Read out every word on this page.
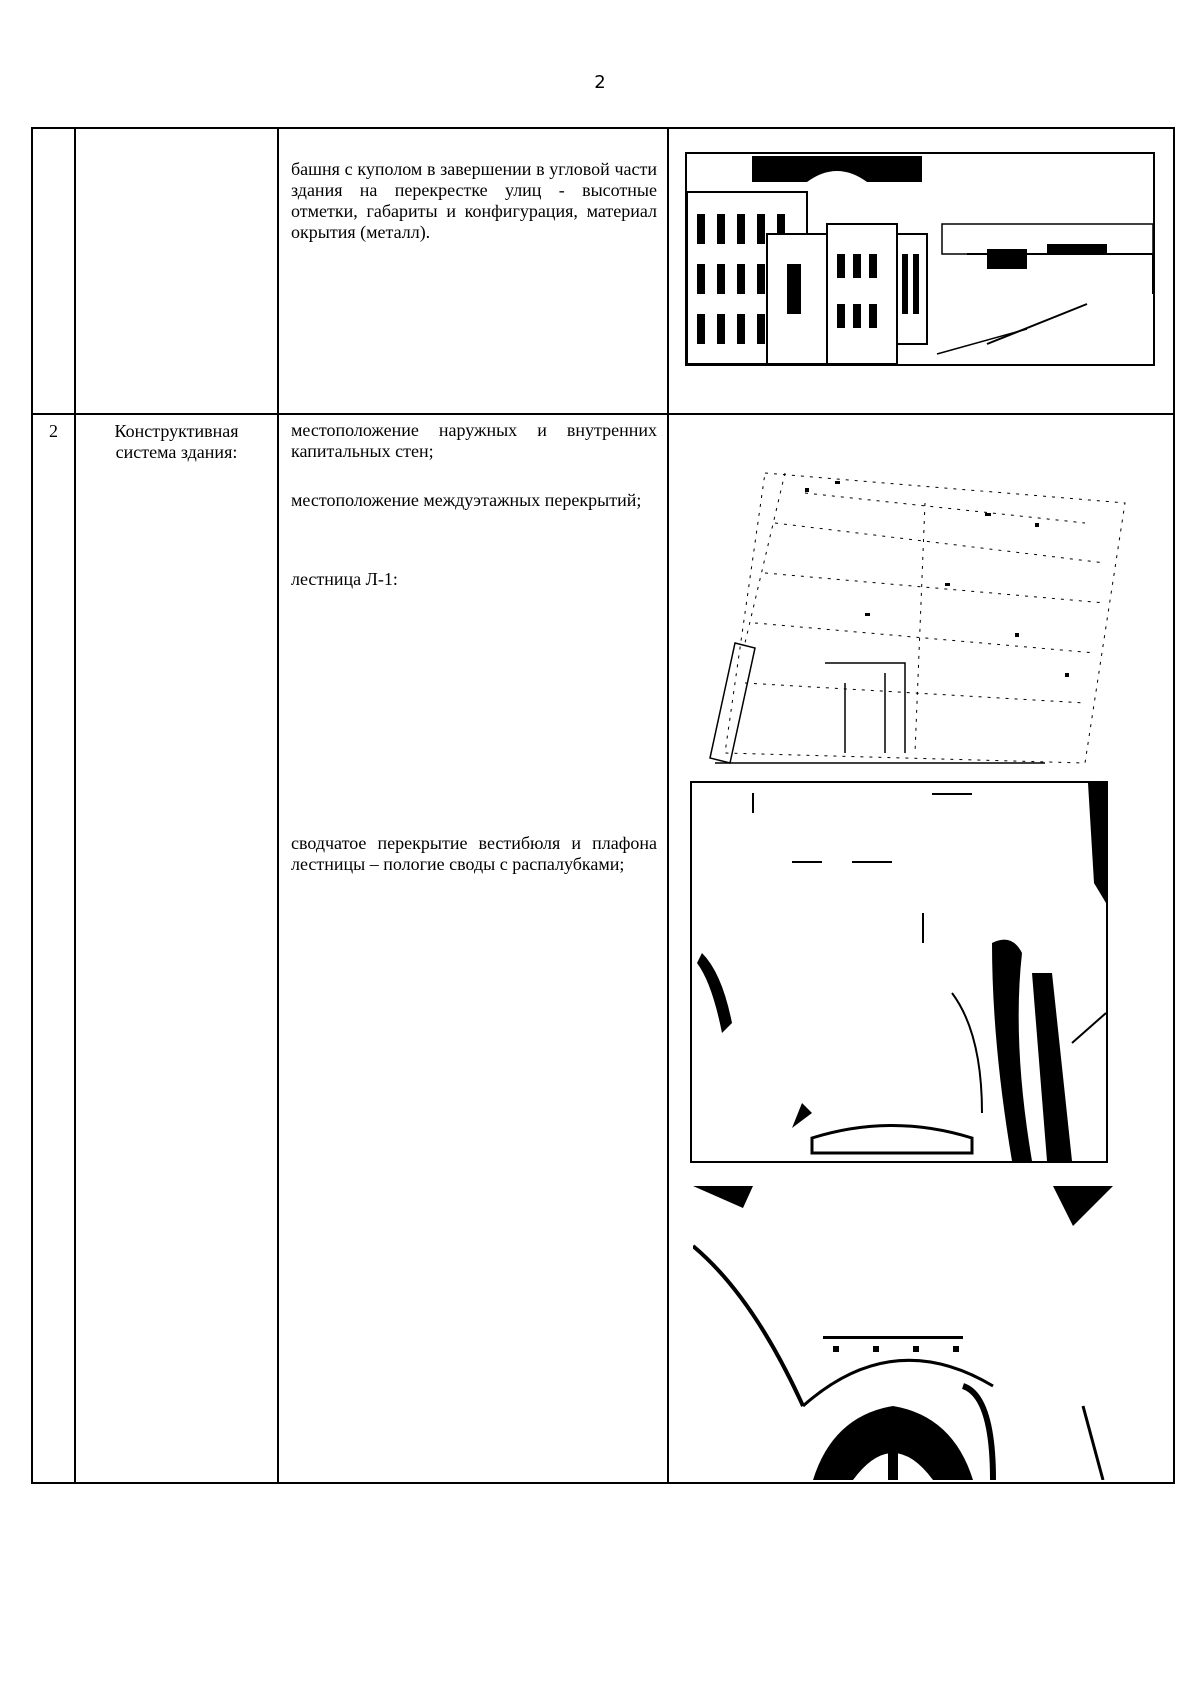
2

		башня с куполом в завершении в угловой части здания на перекрестке улиц - высотные отметки, габариты и конфигурация, материал окрытия (металл).

2	Конструктивная система здания:	местоположение наружных и внутренних капитальных стен;

местоположение междуэтажных перекрытий;

лестница Л-1:

сводчатое перекрытие вестибюля и плафона лестницы – пологие своды с распалубками;
